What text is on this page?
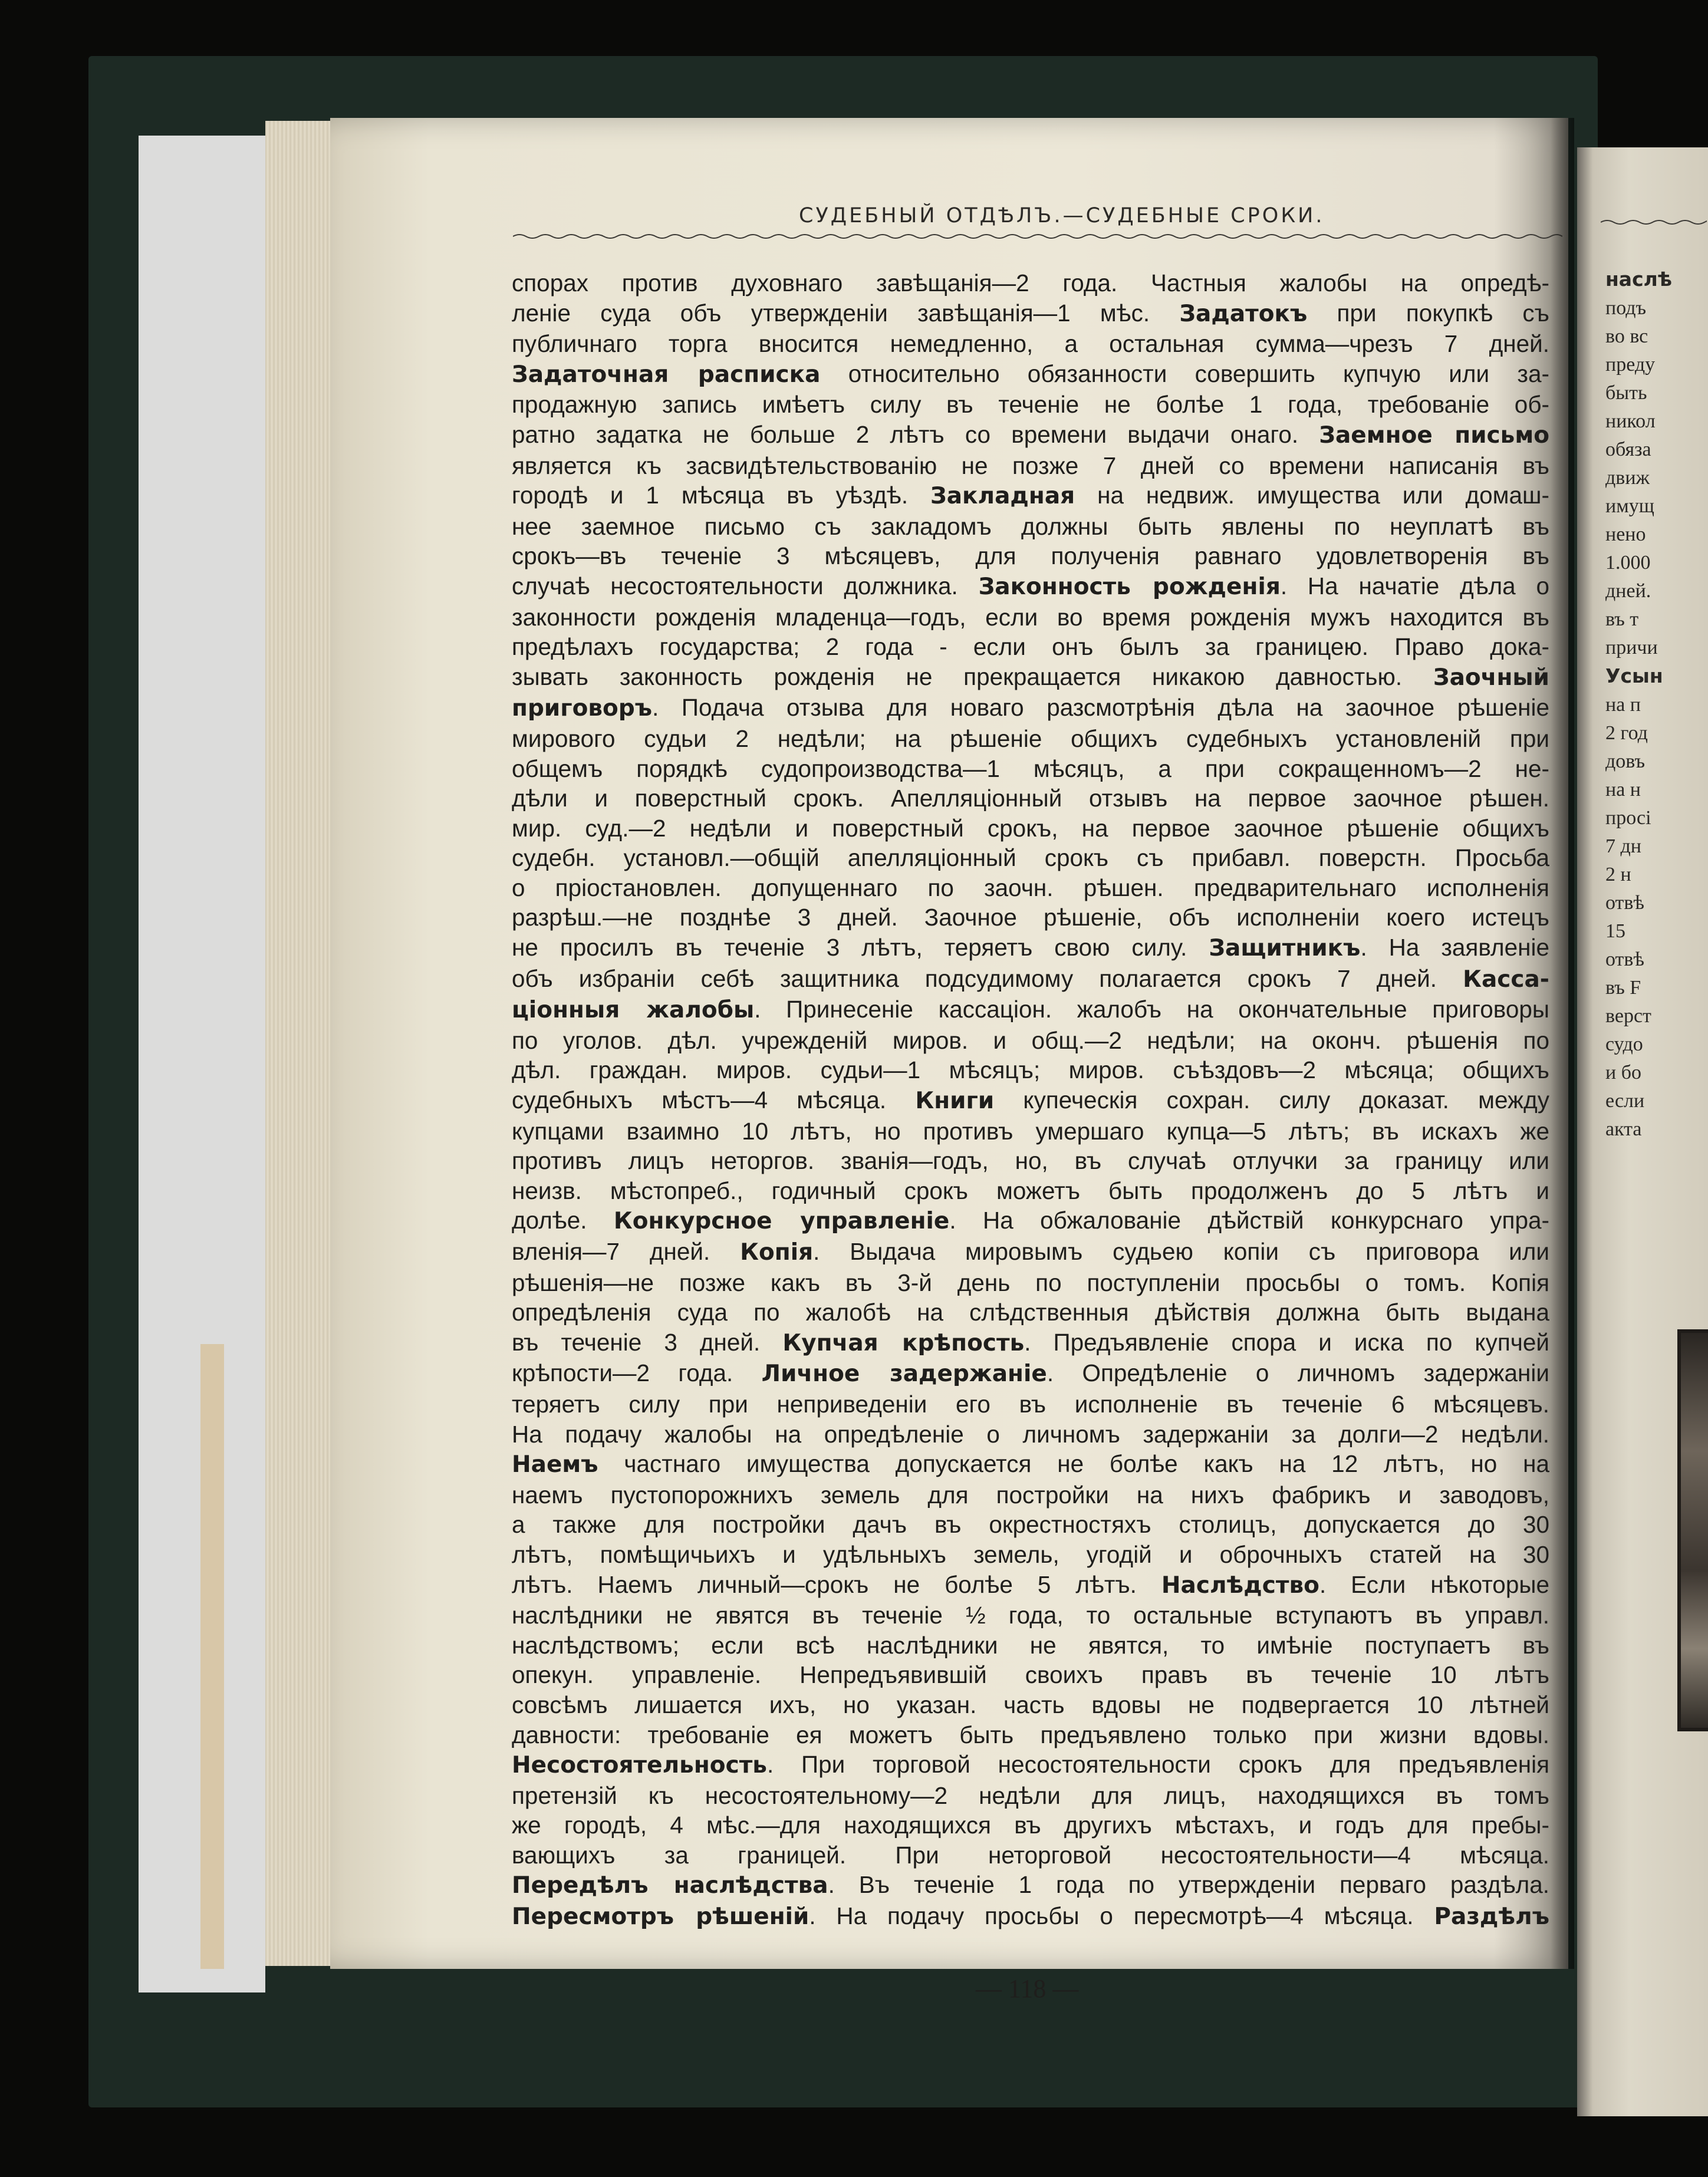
СУДЕБНЫЙ ОТДѢЛЪ.—СУДЕБНЫЕ СРОКИ.
спорах против духовнаго завѣщанія—2 года. Частныя жалобы на опредѣ-
леніе суда объ утвержденіи завѣщанія—1 мѣс. Задатокъ при покупкѣ съ
публичнаго торга вносится немедленно, а остальная сумма—чрезъ 7 дней.
Задаточная расписка относительно обязанности совершить купчую или за-
продажную запись имѣетъ силу въ теченіе не болѣе 1 года, требованіе об-
ратно задатка не больше 2 лѣтъ со времени выдачи онаго. Заемное письмо
является къ засвидѣтельствованію не позже 7 дней со времени написанія въ
городѣ и 1 мѣсяца въ уѣздѣ. Закладная на недвиж. имущества или домаш-
нее заемное письмо съ закладомъ должны быть явлены по неуплатѣ въ
срокъ—въ теченіе 3 мѣсяцевъ, для полученія равнаго удовлетворенія въ
случаѣ несостоятельности должника. Законность рожденія. На начатіе дѣла о
законности рожденія младенца—годъ, если во время рожденія мужъ находится въ
предѣлахъ государства; 2 года - если онъ былъ за границею. Право дока-
зывать законность рожденія не прекращается никакою давностью. Заочный
приговоръ. Подача отзыва для новаго разсмотрѣнія дѣла на заочное рѣшеніе
мирового судьи 2 недѣли; на рѣшеніе общихъ судебныхъ установленій при
общемъ порядкѣ судопроизводства—1 мѣсяцъ, а при сокращенномъ—2 не-
дѣли и поверстный срокъ. Апелляціонный отзывъ на первое заочное рѣшен.
мир. суд.—2 недѣли и поверстный срокъ, на первое заочное рѣшеніе общихъ
судебн. установл.—общій апелляціонный срокъ съ прибавл. поверстн. Просьба
о пріостановлен. допущеннаго по заочн. рѣшен. предварительнаго исполненія
разрѣш.—не позднѣе 3 дней. Заочное рѣшеніе, объ исполненіи коего истецъ
не просилъ въ теченіе 3 лѣтъ, теряетъ свою силу. Защитникъ. На заявленіе
объ избраніи себѣ защитника подсудимому полагается срокъ 7 дней. Касса-
ціонныя жалобы. Принесеніе кассаціон. жалобъ на окончательные приговоры
по уголов. дѣл. учрежденій миров. и общ.—2 недѣли; на оконч. рѣшенія по
дѣл. граждан. миров. судьи—1 мѣсяцъ; миров. съѣздовъ—2 мѣсяца; общихъ
судебныхъ мѣстъ—4 мѣсяца. Книги купеческія сохран. силу доказат. между
купцами взаимно 10 лѣтъ, но противъ умершаго купца—5 лѣтъ; въ искахъ же
противъ лицъ неторгов. званія—годъ, но, въ случаѣ отлучки за границу или
неизв. мѣстопреб., годичный срокъ можетъ быть продолженъ до 5 лѣтъ и
долѣе. Конкурсное управленіе. На обжалованіе дѣйствій конкурснаго упра-
вленія—7 дней. Копія. Выдача мировымъ судьею копіи съ приговора или
рѣшенія—не позже какъ въ 3-й день по поступленіи просьбы о томъ. Копія
опредѣленія суда по жалобѣ на слѣдственныя дѣйствія должна быть выдана
въ теченіе 3 дней. Купчая крѣпость. Предъявленіе спора и иска по купчей
крѣпости—2 года. Личное задержаніе. Опредѣленіе о личномъ задержаніи
теряетъ силу при неприведеніи его въ исполненіе въ теченіе 6 мѣсяцевъ.
На подачу жалобы на опредѣленіе о личномъ задержаніи за долги—2 недѣли.
Наемъ частнаго имущества допускается не болѣе какъ на 12 лѣтъ, но на
наемъ пустопорожнихъ земель для постройки на нихъ фабрикъ и заводовъ,
а также для постройки дачъ въ окрестностяхъ столицъ, допускается до 30
лѣтъ, помѣщичьихъ и удѣльныхъ земель, угодій и оброчныхъ статей на 30
лѣтъ. Наемъ личный—срокъ не болѣе 5 лѣтъ. Наслѣдство. Если нѣкоторые
наслѣдники не явятся въ теченіе ½ года, то остальные вступаютъ въ управл.
наслѣдствомъ; если всѣ наслѣдники не явятся, то имѣніе поступаетъ въ
опекун. управленіе. Непредъявившій своихъ правъ въ теченіе 10 лѣтъ
совсѣмъ лишается ихъ, но указан. часть вдовы не подвергается 10 лѣтней
давности: требованіе ея можетъ быть предъявлено только при жизни вдовы.
Несостоятельность. При торговой несостоятельности срокъ для предъявленія
претензій къ несостоятельному—2 недѣли для лицъ, находящихся въ томъ
же городѣ, 4 мѣс.—для находящихся въ другихъ мѣстахъ, и годъ для пребы-
вающихъ за границей. При неторговой несостоятельности—4 мѣсяца.
Передѣлъ наслѣдства. Въ теченіе 1 года по утвержденіи перваго раздѣла.
Пересмотръ рѣшеній. На подачу просьбы о пересмотрѣ—4 мѣсяца. Раздѣлъ
— 118 —
наслѣ
подъ
во вс
преду
быть
никол
обяза
движ
имущ
нено
1.000
дней.
въ т
причи
Усын
на п
2 год
довъ
на н
просі
7 дн
2 н
отвѣ
15
отвѣ
въ F
верст
судо
и бо
если
акта
